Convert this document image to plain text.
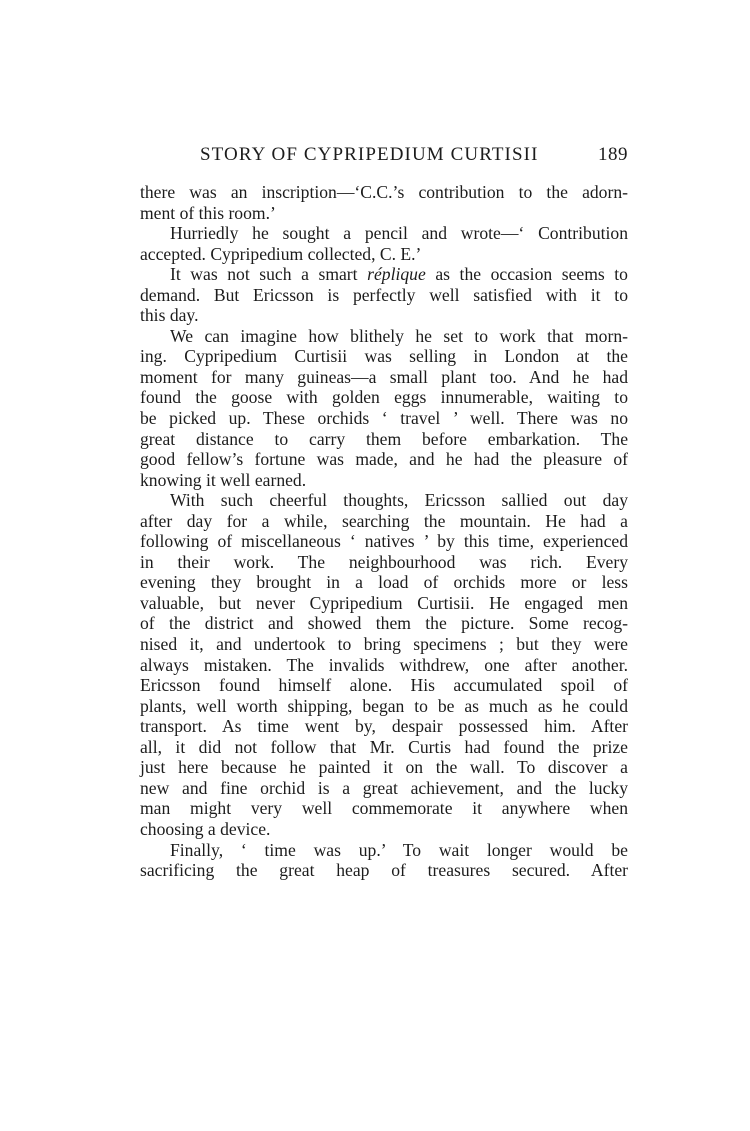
STORY OF CYPRIPEDIUM CURTISII	189
there was an inscription—‘C.C.’s contribution to the adorn-
ment of this room.’
Hurriedly he sought a pencil and wrote—‘ Contribution
accepted. Cypripedium collected, C. E.’
It was not such a smart réplique as the occasion seems to
demand. But Ericsson is perfectly well satisfied with it to
this day.
We can imagine how blithely he set to work that morn-
ing. Cypripedium Curtisii was selling in London at the
moment for many guineas—a small plant too. And he had
found the goose with golden eggs innumerable, waiting to
be picked up. These orchids ‘ travel ’ well. There was no
great distance to carry them before embarkation. The
good fellow’s fortune was made, and he had the pleasure of
knowing it well earned.
With such cheerful thoughts, Ericsson sallied out day
after day for a while, searching the mountain. He had a
following of miscellaneous ‘ natives ’ by this time, experienced
in their work. The neighbourhood was rich. Every
evening they brought in a load of orchids more or less
valuable, but never Cypripedium Curtisii. He engaged men
of the district and showed them the picture. Some recog-
nised it, and undertook to bring specimens ; but they were
always mistaken. The invalids withdrew, one after another.
Ericsson found himself alone. His accumulated spoil of
plants, well worth shipping, began to be as much as he could
transport. As time went by, despair possessed him. After
all, it did not follow that Mr. Curtis had found the prize
just here because he painted it on the wall. To discover a
new and fine orchid is a great achievement, and the lucky
man might very well commemorate it anywhere when
choosing a device.
Finally, ‘ time was up.’ To wait longer would be
sacrificing the great heap of treasures secured. After
